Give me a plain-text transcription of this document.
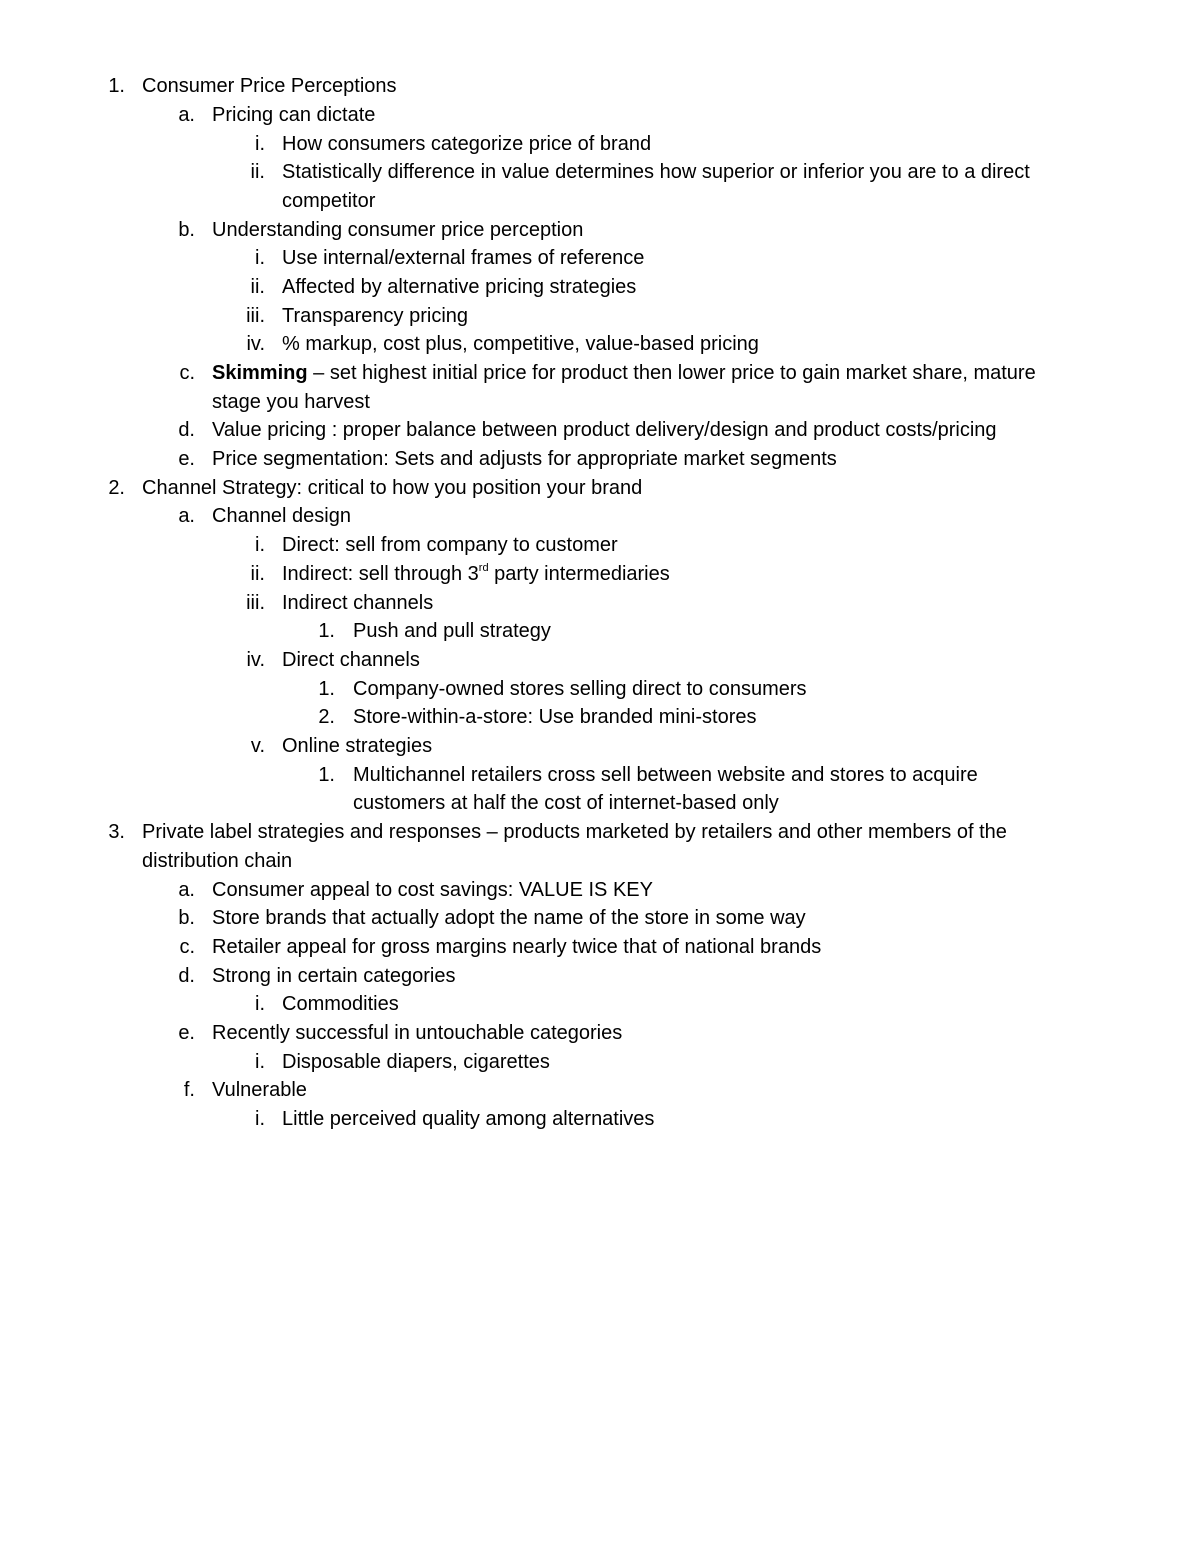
1. Consumer Price Perceptions
a. Pricing can dictate
i. How consumers categorize price of brand
ii. Statistically difference in value determines how superior or inferior you are to a direct
competitor
b. Understanding consumer price perception
i. Use internal/external frames of reference
ii. Affected by alternative pricing strategies
iii. Transparency pricing
iv. % markup, cost plus, competitive, value-based pricing
c. Skimming – set highest initial price for product then lower price to gain market share, mature
stage you harvest
d. Value pricing : proper balance between product delivery/design and product costs/pricing
e. Price segmentation: Sets and adjusts for appropriate market segments
2. Channel Strategy: critical to how you position your brand
a. Channel design
i. Direct: sell from company to customer
ii. Indirect: sell through 3rd party intermediaries
iii. Indirect channels
1. Push and pull strategy
iv. Direct channels
1. Company-owned stores selling direct to consumers
2. Store-within-a-store: Use branded mini-stores
v. Online strategies
1. Multichannel retailers cross sell between website and stores to acquire
customers at half the cost of internet-based only
3. Private label strategies and responses – products marketed by retailers and other members of the
distribution chain
a. Consumer appeal to cost savings: VALUE IS KEY
b. Store brands that actually adopt the name of the store in some way
c. Retailer appeal for gross margins nearly twice that of national brands
d. Strong in certain categories
i. Commodities
e. Recently successful in untouchable categories
i. Disposable diapers, cigarettes
f. Vulnerable
i. Little perceived quality among alternatives
